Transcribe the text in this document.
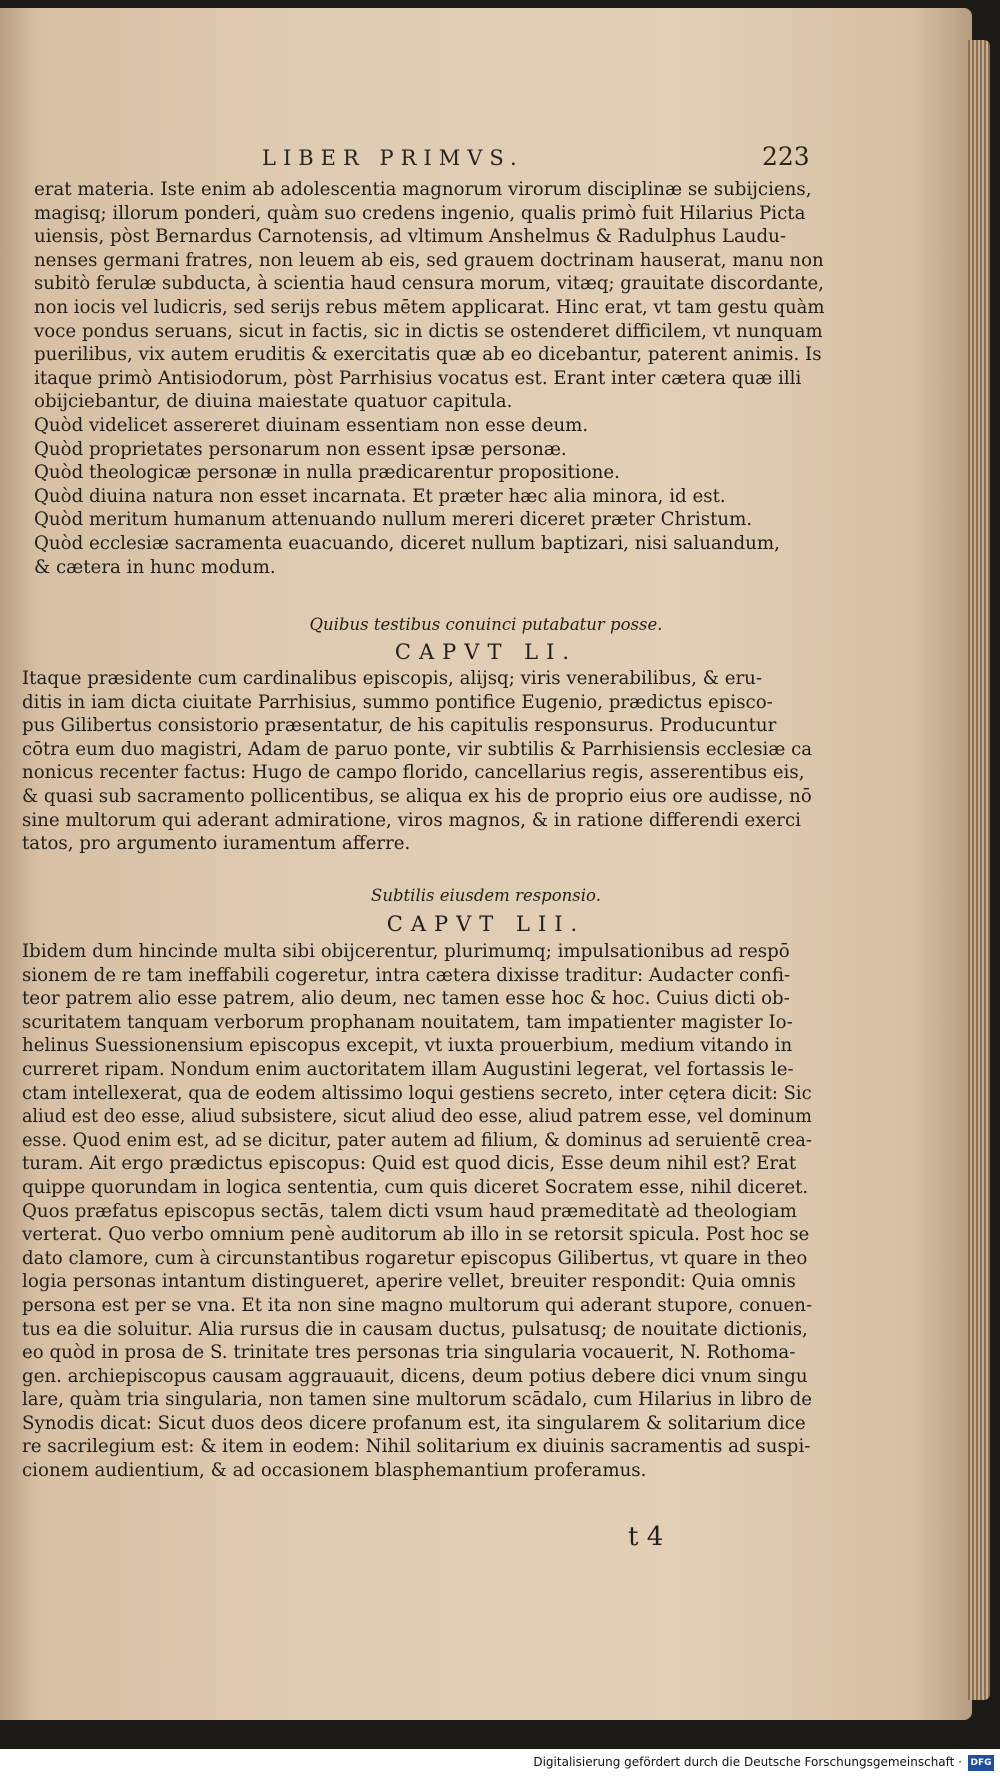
LIBER PRIMVS.	223

erat materia. Iste enim ab adolescentia magnorum virorum disciplinæ se subijciens,

magisq; illorum ponderi, quàm suo credens ingenio, qualis primò fuit Hilarius Picta

uiensis, pòst Bernardus Carnotensis, ad vltimum Anshelmus & Radulphus Laudu-

nenses germani fratres, non leuem ab eis, sed grauem doctrinam hauserat, manu non

subitò ferulæ subducta, à scientia haud censura morum, vitæq; grauitate discordante,

non iocis vel ludicris, sed serijs rebus mētem applicarat. Hinc erat, vt tam gestu quàm

voce pondus seruans, sicut in factis, sic in dictis se ostenderet difficilem, vt nunquam

puerilibus, vix autem eruditis & exercitatis quæ ab eo dicebantur, paterent animis. Is

itaque primò Antisiodorum, pòst Parrhisius vocatus est. Erant inter cætera quæ illi

obijciebantur, de diuina maiestate quatuor capitula.

Quòd videlicet assereret diuinam essentiam non esse deum.

Quòd proprietates personarum non essent ipsæ personæ.

Quòd theologicæ personæ in nulla prædicarentur propositione.

Quòd diuina natura non esset incarnata. Et præter hæc alia minora, id est.

Quòd meritum humanum attenuando nullum mereri diceret præter Christum.

Quòd ecclesiæ sacramenta euacuando, diceret nullum baptizari, nisi saluandum,

& cætera in hunc modum.

Quibus testibus conuinci putabatur posse.
CAPVT LI.

Itaque præsidente cum cardinalibus episcopis, alijsq; viris venerabilibus, & eru-

ditis in iam dicta ciuitate Parrhisius, summo pontifice Eugenio, prædictus episco-

pus Gilibertus consistorio præsentatur, de his capitulis responsurus. Producuntur

cōtra eum duo magistri, Adam de paruo ponte, vir subtilis & Parrhisiensis ecclesiæ ca

nonicus recenter factus: Hugo de campo florido, cancellarius regis, asserentibus eis,

& quasi sub sacramento pollicentibus, se aliqua ex his de proprio eius ore audisse, nō

sine multorum qui aderant admiratione, viros magnos, & in ratione differendi exerci

tatos, pro argumento iuramentum afferre.

Subtilis eiusdem responsio.
CAPVT LII.

Ibidem dum hincinde multa sibi obijcerentur, plurimumq; impulsationibus ad respō

sionem de re tam ineffabili cogeretur, intra cætera dixisse traditur: Audacter confi-

teor patrem alio esse patrem, alio deum, nec tamen esse hoc & hoc. Cuius dicti ob-

scuritatem tanquam verborum prophanam nouitatem, tam impatienter magister Io-

helinus Suessionensium episcopus excepit, vt iuxta prouerbium, medium vitando in

curreret ripam. Nondum enim auctoritatem illam Augustini legerat, vel fortassis le-

ctam intellexerat, qua de eodem altissimo loqui gestiens secreto, inter cętera dicit: Sic

aliud est deo esse, aliud subsistere, sicut aliud deo esse, aliud patrem esse, vel dominum

esse. Quod enim est, ad se dicitur, pater autem ad filium, & dominus ad seruientē crea-

turam. Ait ergo prædictus episcopus: Quid est quod dicis, Esse deum nihil est? Erat

quippe quorundam in logica sententia, cum quis diceret Socratem esse, nihil diceret.

Quos præfatus episcopus sectās, talem dicti vsum haud præmeditatè ad theologiam

verterat. Quo verbo omnium penè auditorum ab illo in se retorsit spicula. Post hoc se

dato clamore, cum à circunstantibus rogaretur episcopus Gilibertus, vt quare in theo

logia personas intantum distingueret, aperire vellet, breuiter respondit: Quia omnis

persona est per se vna. Et ita non sine magno multorum qui aderant stupore, conuen-

tus ea die soluitur. Alia rursus die in causam ductus, pulsatusq; de nouitate dictionis,

eo quòd in prosa de S. trinitate tres personas tria singularia vocauerit, N. Rothoma-

gen. archiepiscopus causam aggrauauit, dicens, deum potius debere dici vnum singu

lare, quàm tria singularia, non tamen sine multorum scādalo, cum Hilarius in libro de

Synodis dicat: Sicut duos deos dicere profanum est, ita singularem & solitarium dice

re sacrilegium est: & item in eodem: Nihil solitarium ex diuinis sacramentis ad suspi-

cionem audientium, & ad occasionem blasphemantium proferamus.

t 4
Digitalisierung gefördert durch die Deutsche Forschungsgemeinschaft · DFG
